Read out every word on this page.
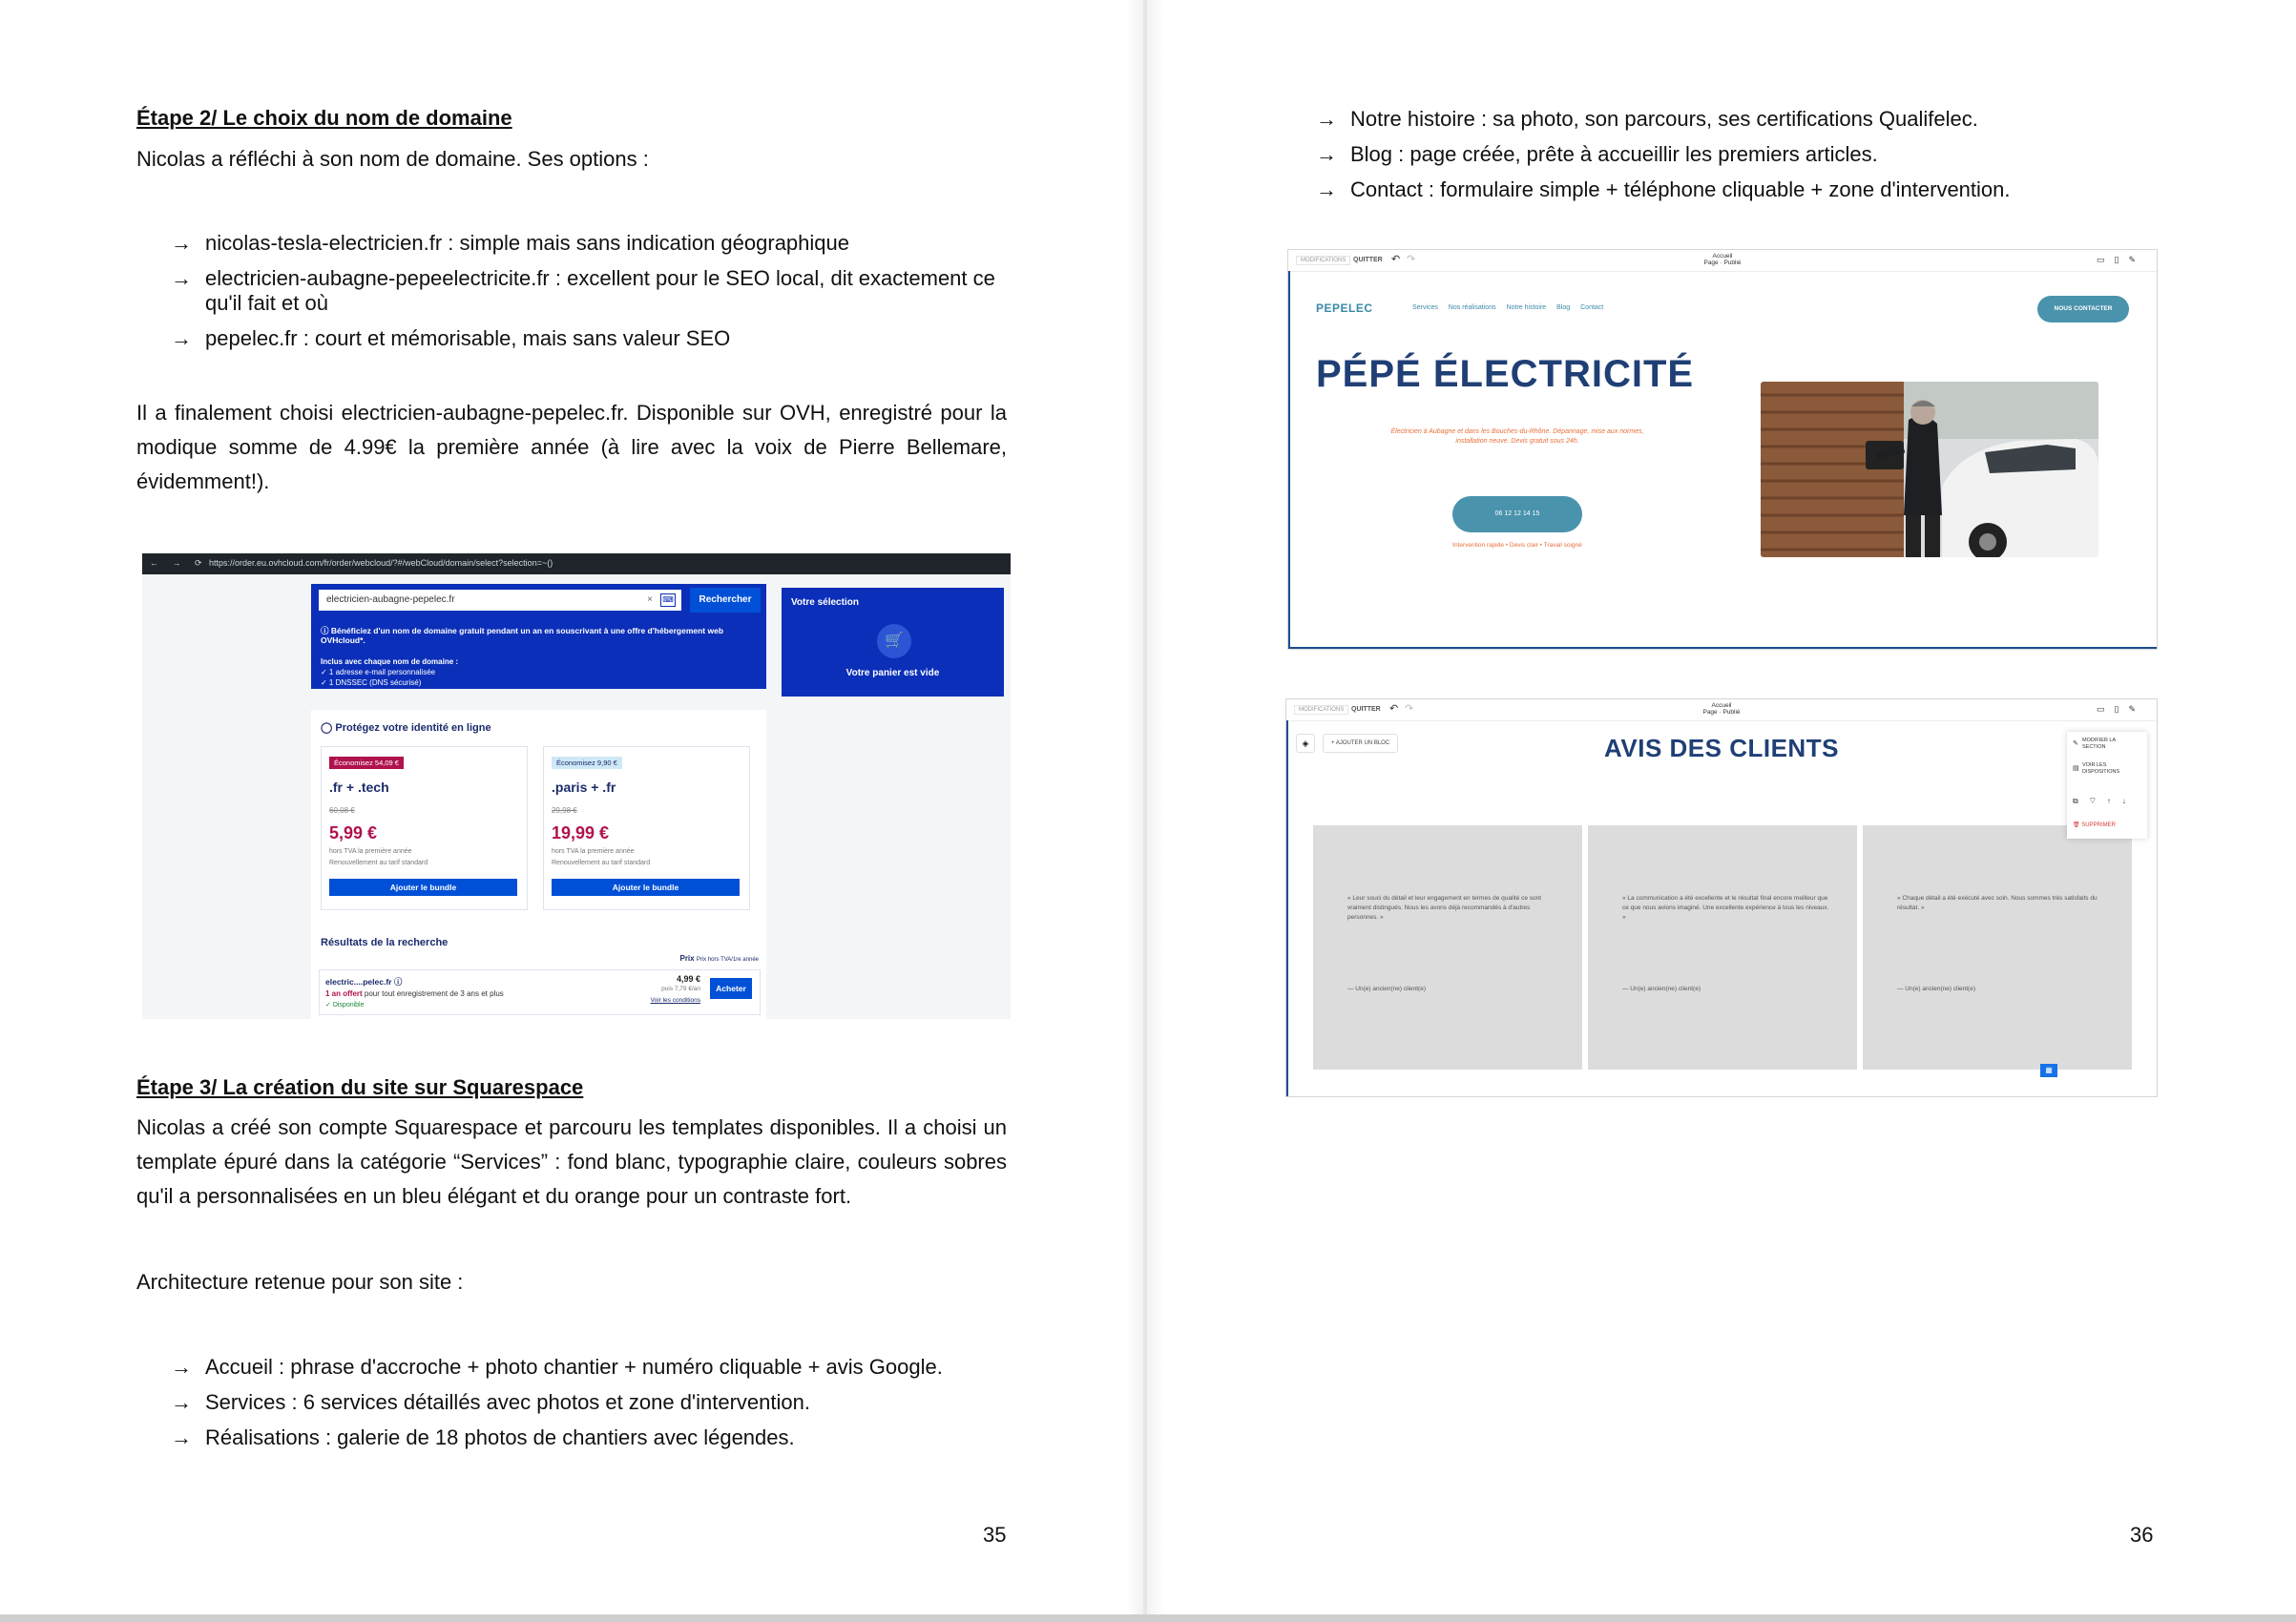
Étape 2/ Le choix du nom de domaine
Nicolas a réfléchi à son nom de domaine. Ses options :
→ nicolas-tesla-electricien.fr : simple mais sans indication géographique
→ electricien-aubagne-pepeelectricite.fr : excellent pour le SEO local, dit exactement ce qu'il fait et où
→ pepelec.fr : court et mémorisable, mais sans valeur SEO
Il a finalement choisi electricien-aubagne-pepelec.fr. Disponible sur OVH, enregistré pour la modique somme de 4.99€ la première année (à lire avec la voix de Pierre Bellemare, évidemment!).
← → ⟳ https://order.eu.ovhcloud.com/fr/order/webcloud/?#/webCloud/domain/select?selection=~()
electricien-aubagne-pepelec.fr	× ⌨	Rechercher
ⓘ Bénéficiez d'un nom de domaine gratuit pendant un an en souscrivant à une offre d'hébergement web OVHcloud*.
Inclus avec chaque nom de domaine :
✓ 1 adresse e-mail personnalisée
✓ 1 DNSSEC (DNS sécurisé)
Votre sélection
🛒
Votre panier est vide
◯ Protégez votre identité en ligne
Économisez 54,09 €
.fr + .tech
60,08 €
5,99 €
hors TVA la première année
Renouvellement au tarif standard
Ajouter le bundle
Économisez 9,90 €
.paris + .fr
29,98 €
19,99 €
hors TVA la première année
Renouvellement au tarif standard
Ajouter le bundle
Résultats de la recherche
Prix Prix hors TVA/1re année
electric....pelec.fr ⓘ
1 an offert pour tout enregistrement de 3 ans et plus
✓ Disponible
4,99 €
puis 7,79 €/an
Voir les conditions
Acheter
Étape 3/ La création du site sur Squarespace
Nicolas a créé son compte Squarespace et parcouru les templates disponibles. Il a choisi un template épuré dans la catégorie “Services” : fond blanc, typographie claire, couleurs sobres qu'il a personnalisées en un bleu élégant et du orange pour un contraste fort.
Architecture retenue pour son site :
→ Accueil : phrase d'accroche + photo chantier + numéro cliquable + avis Google.
→ Services : 6 services détaillés avec photos et zone d'intervention.
→ Réalisations : galerie de 18 photos de chantiers avec légendes.
35	36
→ Notre histoire : sa photo, son parcours, ses certifications Qualifelec.
→ Blog : page créée, prête à accueillir les premiers articles.
→ Contact : formulaire simple + téléphone cliquable + zone d'intervention.
MODIFICATIONS	QUITTER ↶ ↷	Accueil
Page · Publié	▭▯✎
PEPELEC	Services Nos réalisations Notre histoire Blog Contact	NOUS CONTACTER
PÉPÉ ÉLECTRICITÉ
Électricien à Aubagne et dans les Bouches-du-Rhône. Dépannage, mise aux normes, installation neuve. Devis gratuit sous 24h.
06 12 12 14 15
Intervention rapide • Devis clair • Travail soigné
MODIFICATIONS	QUITTER ↶ ↷	Accueil
Page · Publié	▭▯✎
◈	+ AJOUTER UN BLOC	AVIS DES CLIENTS
« Leur souci du détail et leur engagement en termes de qualité ce sont vraiment distingués. Nous les avons déjà recommandés à d'autres personnes. »
— Un(e) ancien(ne) client(e)
« La communication a été excellente et le résultat final encore meilleur que ce que nous avions imaginé. Une excellente expérience à tous les niveaux. »
— Un(e) ancien(ne) client(e)
« Chaque détail a été exécuté avec soin. Nous sommes très satisfaits du résultat. »
— Un(e) ancien(ne) client(e)
✎ MODIFIER LA SECTION
▤ VOIR LES DISPOSITIONS
⧉♡↑↓
🗑 SUPPRIMER
▦
